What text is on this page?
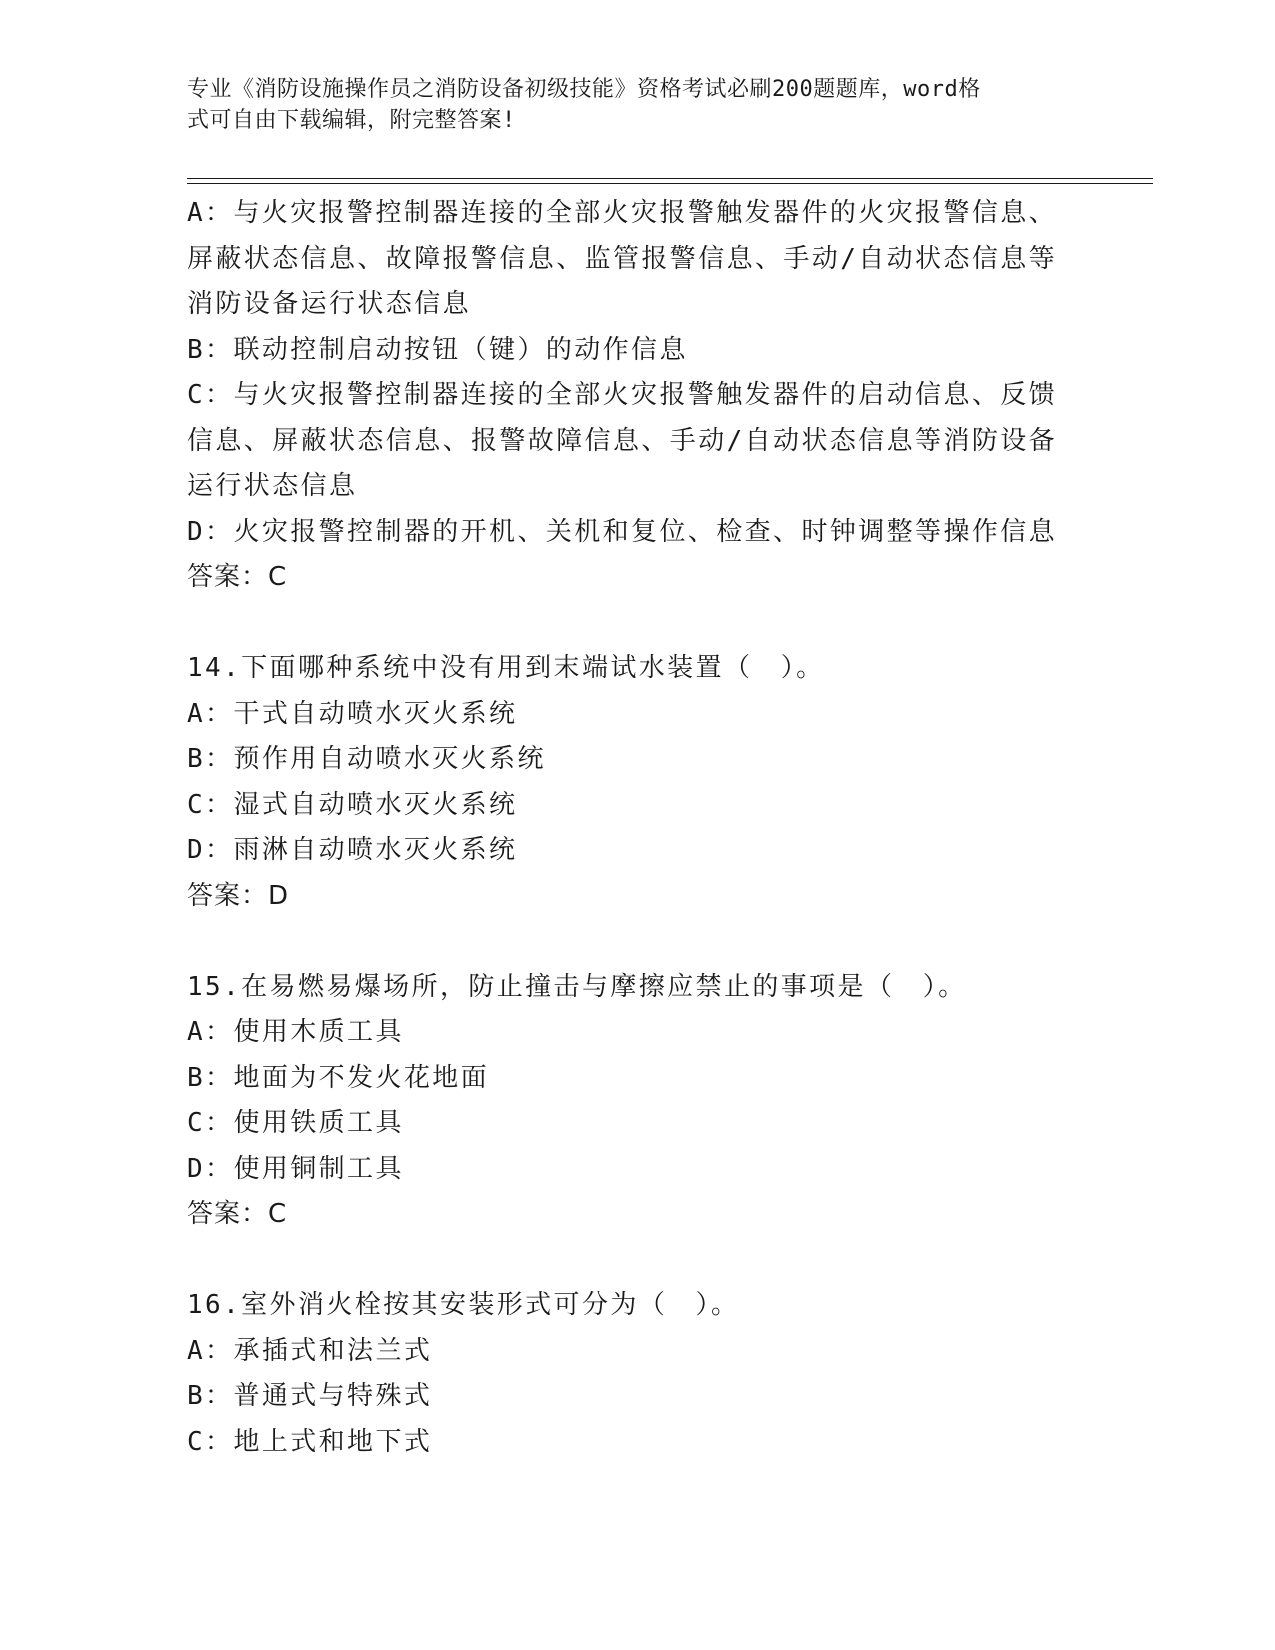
专业《消防设施操作员之消防设备初级技能》资格考试必刷200题题库，word格
式可自由下载编辑，附完整答案!
A：与火灾报警控制器连接的全部火灾报警触发器件的火灾报警信息、
屏蔽状态信息、故障报警信息、监管报警信息、手动/自动状态信息等
消防设备运行状态信息
B：联动控制启动按钮（键）的动作信息
C：与火灾报警控制器连接的全部火灾报警触发器件的启动信息、反馈
信息、屏蔽状态信息、报警故障信息、手动/自动状态信息等消防设备
运行状态信息
D：火灾报警控制器的开机、关机和复位、检查、时钟调整等操作信息
答案：C
14.下面哪种系统中没有用到末端试水装置（　）。
A：干式自动喷水灭火系统
B：预作用自动喷水灭火系统
C：湿式自动喷水灭火系统
D：雨淋自动喷水灭火系统
答案：D
15.在易燃易爆场所，防止撞击与摩擦应禁止的事项是（　）。
A：使用木质工具
B：地面为不发火花地面
C：使用铁质工具
D：使用铜制工具
答案：C
16.室外消火栓按其安装形式可分为（　）。
A：承插式和法兰式
B：普通式与特殊式
C：地上式和地下式
